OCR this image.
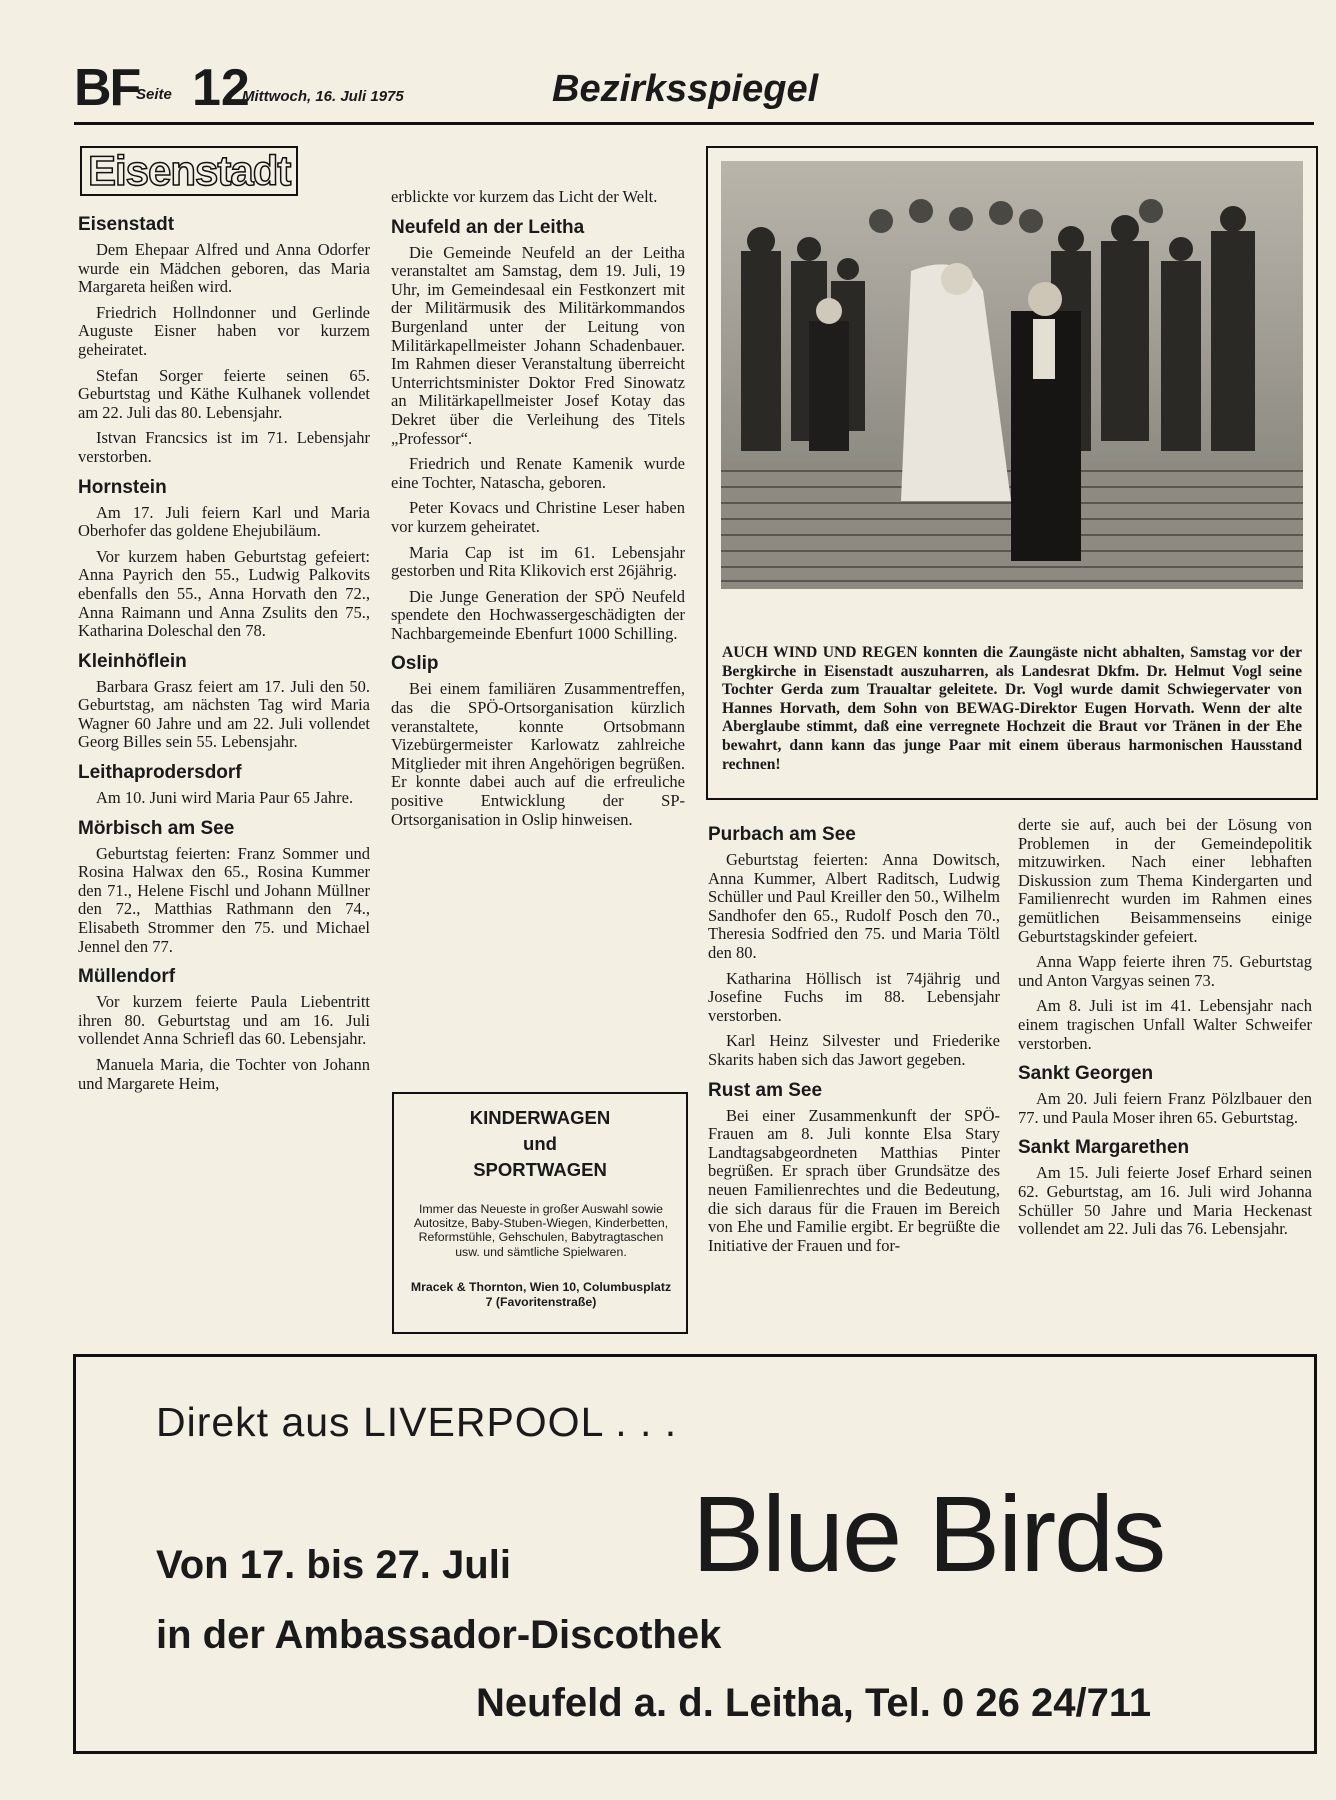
BF
Seite 12
Mittwoch, 16. Juli 1975	Bezirksspiegel
Eisenstadt
Eisenstadt

Dem Ehepaar Alfred und Anna Odorfer wurde ein Mädchen geboren, das Maria Margareta heißen wird.

Friedrich Hollndonner und Gerlinde Auguste Eisner haben vor kurzem geheiratet.

Stefan Sorger feierte seinen 65. Geburtstag und Käthe Kulhanek vollendet am 22. Juli das 80. Lebensjahr.

Istvan Francsics ist im 71. Lebensjahr verstorben.

Hornstein

Am 17. Juli feiern Karl und Maria Oberhofer das goldene Ehejubiläum.

Vor kurzem haben Geburtstag gefeiert: Anna Payrich den 55., Ludwig Palkovits ebenfalls den 55., Anna Horvath den 72., Anna Raimann und Anna Zsulits den 75., Katharina Doleschal den 78.

Kleinhöflein

Barbara Grasz feiert am 17. Juli den 50. Geburtstag, am nächsten Tag wird Maria Wagner 60 Jahre und am 22. Juli vollendet Georg Billes sein 55. Lebensjahr.

Leithaprodersdorf

Am 10. Juni wird Maria Paur 65 Jahre.

Mörbisch am See

Geburtstag feierten: Franz Sommer und Rosina Halwax den 65., Rosina Kummer den 71., Helene Fischl und Johann Müllner den 72., Matthias Rathmann den 74., Elisabeth Strommer den 75. und Michael Jennel den 77.

Müllendorf

Vor kurzem feierte Paula Liebentritt ihren 80. Geburtstag und am 16. Juli vollendet Anna Schriefl das 60. Lebensjahr.

Manuela Maria, die Tochter von Johann und Margarete Heim,

erblickte vor kurzem das Licht der Welt.

Neufeld an der Leitha

Die Gemeinde Neufeld an der Leitha veranstaltet am Samstag, dem 19. Juli, 19 Uhr, im Gemeindesaal ein Festkonzert mit der Militärmusik des Militärkommandos Burgenland unter der Leitung von Militärkapellmeister Johann Schadenbauer. Im Rahmen dieser Veranstaltung überreicht Unterrichtsminister Doktor Fred Sinowatz an Militärkapellmeister Josef Kotay das Dekret über die Verleihung des Titels „Professor“.

Friedrich und Renate Kamenik wurde eine Tochter, Natascha, geboren.

Peter Kovacs und Christine Leser haben vor kurzem geheiratet.

Maria Cap ist im 61. Lebensjahr gestorben und Rita Klikovich erst 26jährig.

Die Junge Generation der SPÖ Neufeld spendete den Hochwassergeschädigten der Nachbargemeinde Ebenfurt 1000 Schilling.

Oslip

Bei einem familiären Zusammentreffen, das die SPÖ-Ortsorganisation kürzlich veranstaltete, konnte Ortsobmann Vizebürgermeister Karlowatz zahlreiche Mitglieder mit ihren Angehörigen begrüßen. Er konnte dabei auch auf die erfreuliche positive Entwicklung der SP-Ortsorganisation in Oslip hinweisen.

KINDERWAGEN
und
SPORTWAGEN
Immer das Neueste in großer Auswahl sowie Autositze, Baby-Stuben-Wiegen, Kinderbetten, Reformstühle, Gehschulen, Babytragtaschen usw. und sämtliche Spielwaren.
Mracek & Thornton, Wien 10, Columbusplatz 7 (Favoritenstraße)
AUCH WIND UND REGEN konnten die Zaungäste nicht abhalten, Samstag vor der Bergkirche in Eisenstadt auszuharren, als Landesrat Dkfm. Dr. Helmut Vogl seine Tochter Gerda zum Traualtar geleitete. Dr. Vogl wurde damit Schwiegervater von Hannes Horvath, dem Sohn von BEWAG-Direktor Eugen Horvath. Wenn der alte Aberglaube stimmt, daß eine verregnete Hochzeit die Braut vor Tränen in der Ehe bewahrt, dann kann das junge Paar mit einem überaus harmonischen Hausstand rechnen!
Purbach am See

Geburtstag feierten: Anna Dowitsch, Anna Kummer, Albert Raditsch, Ludwig Schüller und Paul Kreiller den 50., Wilhelm Sandhofer den 65., Rudolf Posch den 70., Theresia Sodfried den 75. und Maria Töltl den 80.

Katharina Höllisch ist 74jährig und Josefine Fuchs im 88. Lebensjahr verstorben.

Karl Heinz Silvester und Friederike Skarits haben sich das Jawort gegeben.

Rust am See

Bei einer Zusammenkunft der SPÖ-Frauen am 8. Juli konnte Elsa Stary Landtagsabgeordneten Matthias Pinter begrüßen. Er sprach über Grundsätze des neuen Familienrechtes und die Bedeutung, die sich daraus für die Frauen im Bereich von Ehe und Familie ergibt. Er begrüßte die Initiative der Frauen und for-

derte sie auf, auch bei der Lösung von Problemen in der Gemeindepolitik mitzuwirken. Nach einer lebhaften Diskussion zum Thema Kindergarten und Familienrecht wurden im Rahmen eines gemütlichen Beisammenseins einige Geburtstagskinder gefeiert.

Anna Wapp feierte ihren 75. Geburtstag und Anton Vargyas seinen 73.

Am 8. Juli ist im 41. Lebensjahr nach einem tragischen Unfall Walter Schweifer verstorben.

Sankt Georgen

Am 20. Juli feiern Franz Pölzlbauer den 77. und Paula Moser ihren 65. Geburtstag.

Sankt Margarethen

Am 15. Juli feierte Josef Erhard seinen 62. Geburtstag, am 16. Juli wird Johanna Schüller 50 Jahre und Maria Heckenast vollendet am 22. Juli das 76. Lebensjahr.

Direkt aus LIVERPOOL . . .
Blue Birds
Von 17. bis 27. Juli
in der Ambassador-Discothek
Neufeld a. d. Leitha, Tel. 0 26 24/711
